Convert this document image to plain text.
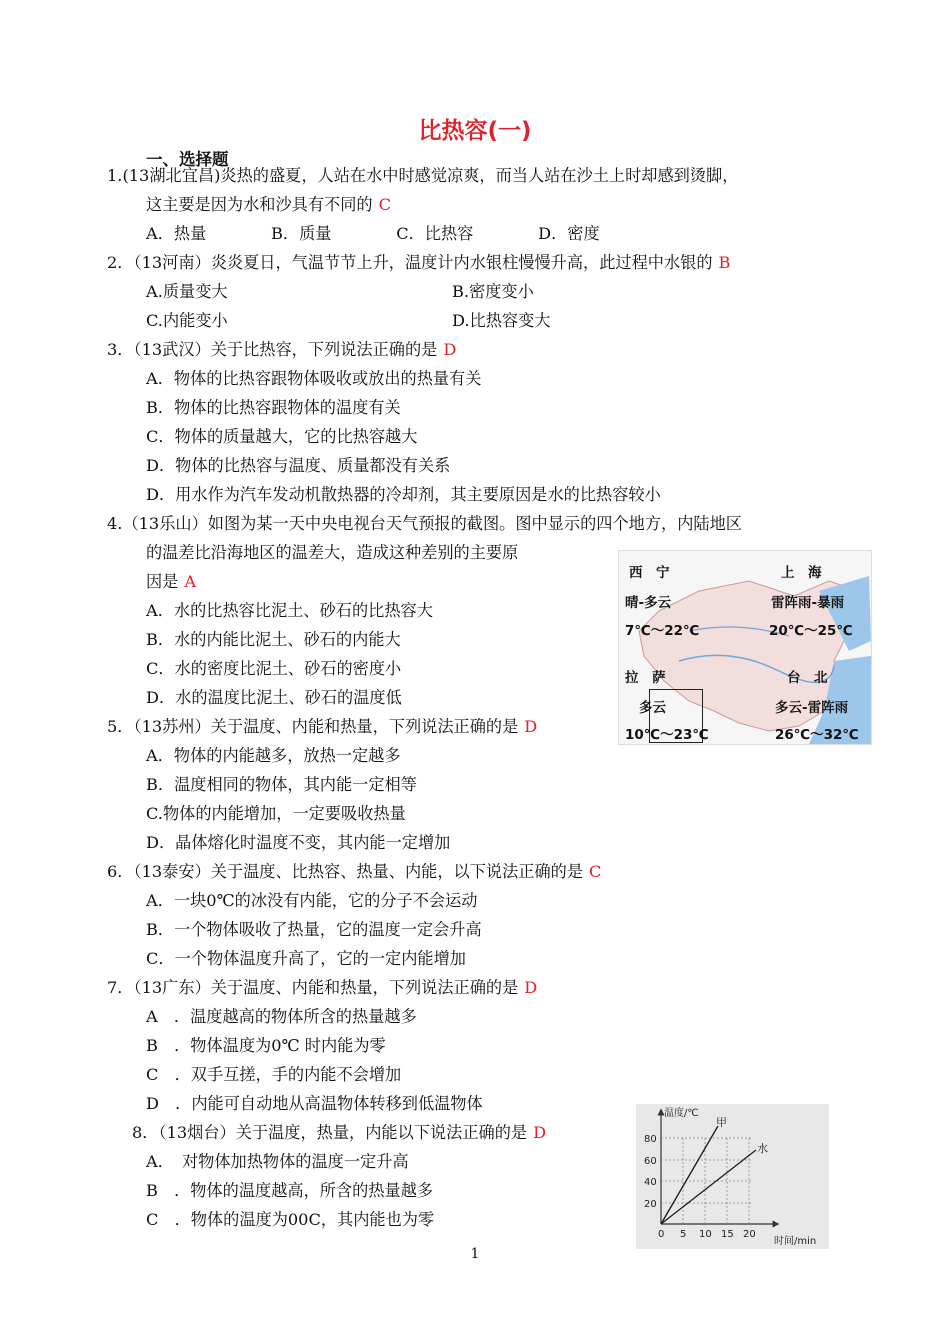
比热容(一)
一、选择题
1.(13湖北宜昌)炎热的盛夏，人站在水中时感觉凉爽，而当人站在沙土上时却感到烫脚，
这主要是因为水和沙具有不同的 C
A．热量　　　　B．质量　　　　C．比热容　　　　D．密度
2．（13河南）炎炎夏日，气温节节上升，温度计内水银柱慢慢升高，此过程中水银的 B
A.质量变大	B.密度变小
C.内能变小	D.比热容变大
3．（13武汉）关于比热容，下列说法正确的是 D
A．物体的比热容跟物体吸收或放出的热量有关
B．物体的比热容跟物体的温度有关
C．物体的质量越大，它的比热容越大
D．物体的比热容与温度、质量都没有关系
D．用水作为汽车发动机散热器的冷却剂，其主要原因是水的比热容较小
4.（13乐山）如图为某一天中央电视台天气预报的截图。图中显示的四个地方，内陆地区
的温差比沿海地区的温差大，造成这种差别的主要原
因是 A
A．水的比热容比泥土、砂石的比热容大
B．水的内能比泥土、砂石的内能大
C．水的密度比泥土、砂石的密度小
D．水的温度比泥土、砂石的温度低
5．（13苏州）关于温度、内能和热量，下列说法正确的是 D
A．物体的内能越多，放热一定越多
B．温度相同的物体，其内能一定相等
C.物体的内能增加，一定要吸收热量
D．晶体熔化时温度不变，其内能一定增加
6．（13泰安）关于温度、比热容、热量、内能，以下说法正确的是 C
A．一块0℃的冰没有内能，它的分子不会运动
B．一个物体吸收了热量，它的温度一定会升高
C．一个物体温度升高了，它的一定内能增加
7．（13广东）关于温度、内能和热量，下列说法正确的是 D
A　．温度越高的物体所含的热量越多
B　．物体温度为0℃ 时内能为零
C　．双手互搓，手的内能不会增加
D　．内能可自动地从高温物体转移到低温物体
8．（13烟台）关于温度，热量，内能以下说法正确的是 D
A．　对物体加热物体的温度一定升高
B　．物体的温度越高，所含的热量越多
C　．物体的温度为00C，其内能也为零
西　宁
晴-多云
7℃～22℃
上　海
雷阵雨-暴雨
20℃～25℃
拉　萨
多云
10℃～23℃
台　北
多云-雷阵雨
26℃～32℃
温度/℃
时间/min
80
60
40
20
0 5 10 15 20
甲
水
1
